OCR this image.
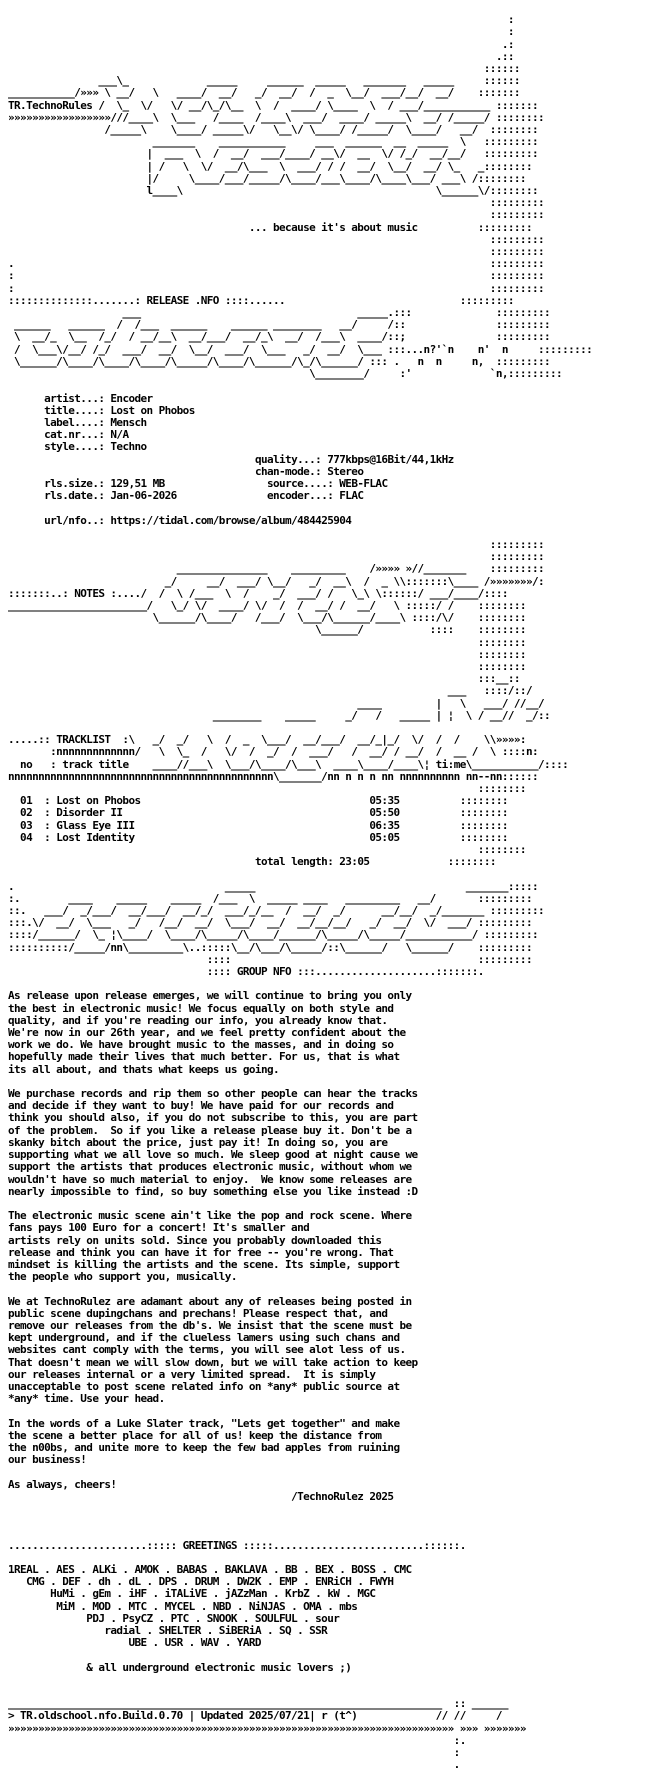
:
:
.:
.::
::::::
___\_             _____     ______  _____   _______   _____     ::::::
___________/»»» \ __/   \   ____/  __/   _/  __/  /  _  \__/  ___/__/  __/    :::::::
TR.TechnoRules /  \_  \/   \/ __/\_/\__  \  /  ____/ \____  \  / ___/___________ :::::::
»»»»»»»»»»»»»»»»»///____\  \___   /____  /____\  ___/  ____/ _____\  __/ /_____/ ::::::::
/_____\    \____/ _____\/   \__\/ \____/ /_____/  \____/   __/  ::::::::
_______    ___________     ___  ______  __  _____  \   :::::::::
|  ___  \  /  __/  ___/____/ __\/  __  \/ /_/  __/__/   :::::::::
| /   \  \/  __/\___  \  ___/ / /  __/  \__/  __/ \_   _::::::::
|/     \____/___/_____/\____/___\____/\____\___/ ___\ /::::::::
l____\                                          \______\/::::::::
:::::::::
:::::::::
... because it's about music	:::::::::
:::::::::
:::::::::
.                                                                               :::::::::
:                                                                               :::::::::
:                                                                               :::::::::
::::::::::::::.......: RELEASE .NFO ::::......                             :::::::::
___                                    _____.:::              :::::::::
______   ______  /  /___  ______    ______ ________   __/     /::               :::::::::
\  __/_  \__  /_/  / __/__\  __/___/  __/_\  __/  /___\  ____/::;               :::::::::
/  \___\/__/ /_/  ___/  __/  \__/  ___/  \___   _/  __/  \___ :::...n?'`n    n'  n     :::::::::
\______/\____/\____/\____/\_____/\____/\______/\_/\______/ ::: .   n  n     n,  :::::::::
\________/     :'             `n,:::::::::

artist...: Encoder
title....: Lost on Phobos
label....: Mensch
cat.nr...: N/A
style....: Techno
quality...: 777kbps@16Bit/44,1kHz
chan-mode.: Stereo
rls.size.: 129,51 MB	source....: WEB-FLAC
rls.date.: Jan-06-2026	encoder...: FLAC

url/nfo..: https://tidal.com/browse/album/484425904

:::::::::
:::::::::
_______________    _________    /»»»» »//_______    :::::::::
_/     __/  ___/ \__/   _/  __\  /  _ \\:::::::\____ /»»»»»»»/:
:::::::..: NOTES :..../  /  \ /___  \  /    _/  ___/ /   \_\ \::::::/ ___/____/::::
_______________________/   \_/ \/  ____/ \/  /  /  __/ /  __/   \ :::::/ /    ::::::::
\______/\____/   /___/  \___/\______/____\ ::::/\/    ::::::::
\______/           ::::    ::::::::
::::::::
::::::::
::::::::
:::__::
___   ::::/::/
____         |   \   ___/ //__/
________    _____     _/   /   _____ | ¦  \ / __//  _/::

.....:: TRACKLIST  :\   _/  _/   \  /  _  \___/  __/___/  __/_|_/  \/  /  /    \\»»»»:
:nnnnnnnnnnnnn/   \  \_  /   \/  /  _/  /  ___/   /  __/ / __/  /  __ /  \ ::::n:
no : track title    ____//___\  \___/\____/\___\  ____\____/____\¦ ti:me\___________/::::
nnnnnnnnnnnnnnnnnnnnnnnnnnnnnnnnnnnnnnnnnnnn\_______/nn n n n nn nnnnnnnnnn nn--nn::::::
::::::::
01  : Lost on Phobos	05:35          ::::::::
02  : Disorder II	05:50          ::::::::
03  : Glass Eye III	06:35          ::::::::
04  : Lost Identity	05:05          ::::::::
::::::::
total length: 23:05             ::::::::

.                                   _____                                   _______:::::
:.        ____    _____    _____  /___  \  _____ ____   _________   __/       :::::::::
::.   ___/  _/___/  __/___/  __/_/  ___/_/__  /  __/  _/      __/__/  _/_______ :::::::::
:::.\/  __/  \___   _/   /__/  __/  \___/  __/  __/__/__/   _/  __/  \/  ___/ :::::::::
::::/______/  \_ ¦\____/  \____/\_____/\____/______/\_____/\_____/___________/ :::::::::
::::::::::/_____/nn\_________\..:::::\__/\___/\_____/::\______/   \______/    :::::::::
::::                                         :::::::::
:::: GROUP NFO :::....................:::::::.

As release upon release emerges, we will continue to bring you only
the best in electronic music! We focus equally on both style and
quality, and if you're reading our info, you already know that.
We're now in our 26th year, and we feel pretty confident about the
work we do. We have brought music to the masses, and in doing so
hopefully made their lives that much better. For us, that is what
its all about, and thats what keeps us going.

We purchase records and rip them so other people can hear the tracks
and decide if they want to buy! We have paid for our records and
think you should also, if you do not subscribe to this, you are part
of the problem.  So if you like a release please buy it. Don't be a
skanky bitch about the price, just pay it! In doing so, you are
supporting what we all love so much. We sleep good at night cause we
support the artists that produces electronic music, without whom we
wouldn't have so much material to enjoy.  We know some releases are
nearly impossible to find, so buy something else you like instead :D

The electronic music scene ain't like the pop and rock scene. Where
fans pays 100 Euro for a concert! It's smaller and
artists rely on units sold. Since you probably downloaded this
release and think you can have it for free -- you're wrong. That
mindset is killing the artists and the scene. Its simple, support
the people who support you, musically.

We at TechnoRulez are adamant about any of releases being posted in
public scene dupingchans and prechans! Please respect that, and
remove our releases from the db's. We insist that the scene must be
kept underground, and if the clueless lamers using such chans and
websites cant comply with the terms, you will see alot less of us.
That doesn't mean we will slow down, but we will take action to keep
our releases internal or a very limited spread.  It is simply
unacceptable to post scene related info on *any* public source at
*any* time. Use your head.

In the words of a Luke Slater track, "Lets get together" and make
the scene a better place for all of us! keep the distance from
the n00bs, and unite more to keep the few bad apples from ruining
our business!

As always, cheers!
/TechnoRulez 2025

.......................::::: GREETINGS :::::.........................::::::.

1REAL . AES . ALKi . AMOK . BABAS . BAKLAVA . BB . BEX . BOSS . CMC
CMG . DEF . dh . dL . DPS . DRUM . DW2K . EMP . ENRiCH . FWYH
HuMi . gEm . iHF . iTALiVE . jAZzMan . KrbZ . kW . MGC
MiM . MOD . MTC . MYCEL . NBD . NiNJAS . OMA . mbs
PDJ . PsyCZ . PTC . SNOOK . SOULFUL . sour
radial . SHELTER . SiBERiA . SQ . SSR
UBE . USR . WAV . YARD

& all underground electronic music lovers ;)

________________________________________________________________________  :: ______
> TR.oldschool.nfo.Build.0.70 | Updated 2025/07/21| r (t^)             // //     /
»»»»»»»»»»»»»»»»»»»»»»»»»»»»»»»»»»»»»»»»»»»»»»»»»»»»»»»»»»»»»»»»»»»»»»»»»» »»» »»»»»»»
:.
:
.
